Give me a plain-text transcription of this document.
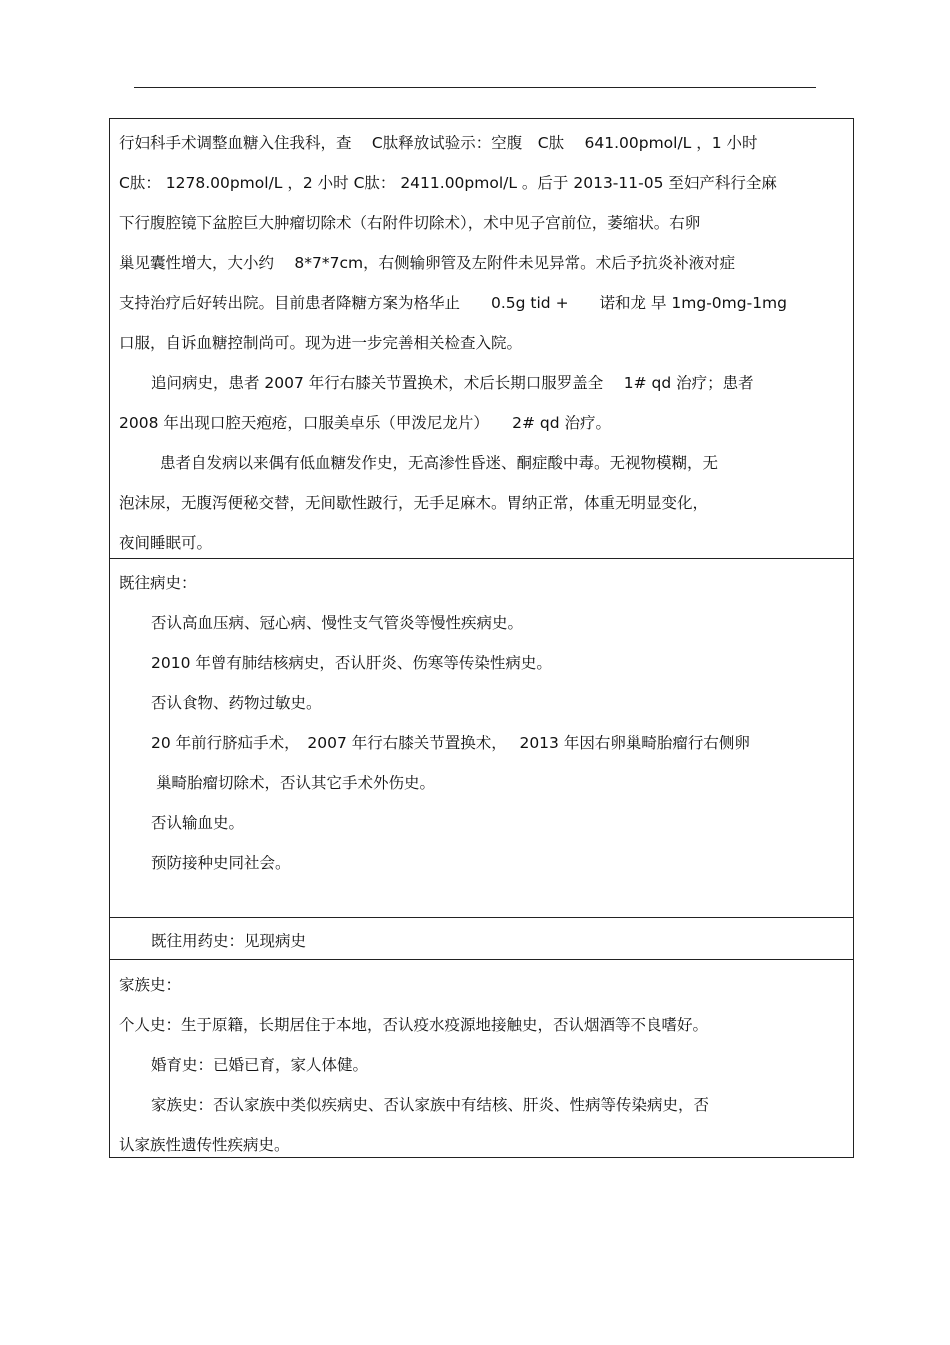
行妇科手术调整血糖入住我科，查　 C肽释放试验示：空腹　C肽　 641.00pmol/L ，1 小时
C肽： 1278.00pmol/L ，2 小时 C肽： 2411.00pmol/L 。后于 2013-11-05 至妇产科行全麻
下行腹腔镜下盆腔巨大肿瘤切除术（右附件切除术），术中见子宫前位，萎缩状。右卵
巢见囊性增大，大小约　 8*7*7cm，右侧输卵管及左附件未见异常。术后予抗炎补液对症
支持治疗后好转出院。目前患者降糖方案为格华止　　0.5g tid +　　诺和龙 早 1mg-0mg-1mg
口服，自诉血糖控制尚可。现为进一步完善相关检查入院。
追问病史，患者 2007 年行右膝关节置换术，术后长期口服罗盖全　 1# qd 治疗；患者
2008 年出现口腔天疱疮，口服美卓乐（甲泼尼龙片）　　2# qd 治疗。
患者自发病以来偶有低血糖发作史，无高渗性昏迷、酮症酸中毒。无视物模糊，无
泡沫尿，无腹泻便秘交替，无间歇性跛行，无手足麻木。胃纳正常，体重无明显变化，
夜间睡眠可。
既往病史：
否认高血压病、冠心病、慢性支气管炎等慢性疾病史。
2010 年曾有肺结核病史，否认肝炎、伤寒等传染性病史。
否认食物、药物过敏史。
20 年前行脐疝手术，　2007 年行右膝关节置换术，　 2013 年因右卵巢畸胎瘤行右侧卵
巢畸胎瘤切除术，否认其它手术外伤史。
否认输血史。
预防接种史同社会。
既往用药史：见现病史
家族史：
个人史：生于原籍，长期居住于本地，否认疫水疫源地接触史，否认烟酒等不良嗜好。
婚育史：已婚已育，家人体健。
家族史：否认家族中类似疾病史、否认家族中有结核、肝炎、性病等传染病史，否
认家族性遗传性疾病史。
